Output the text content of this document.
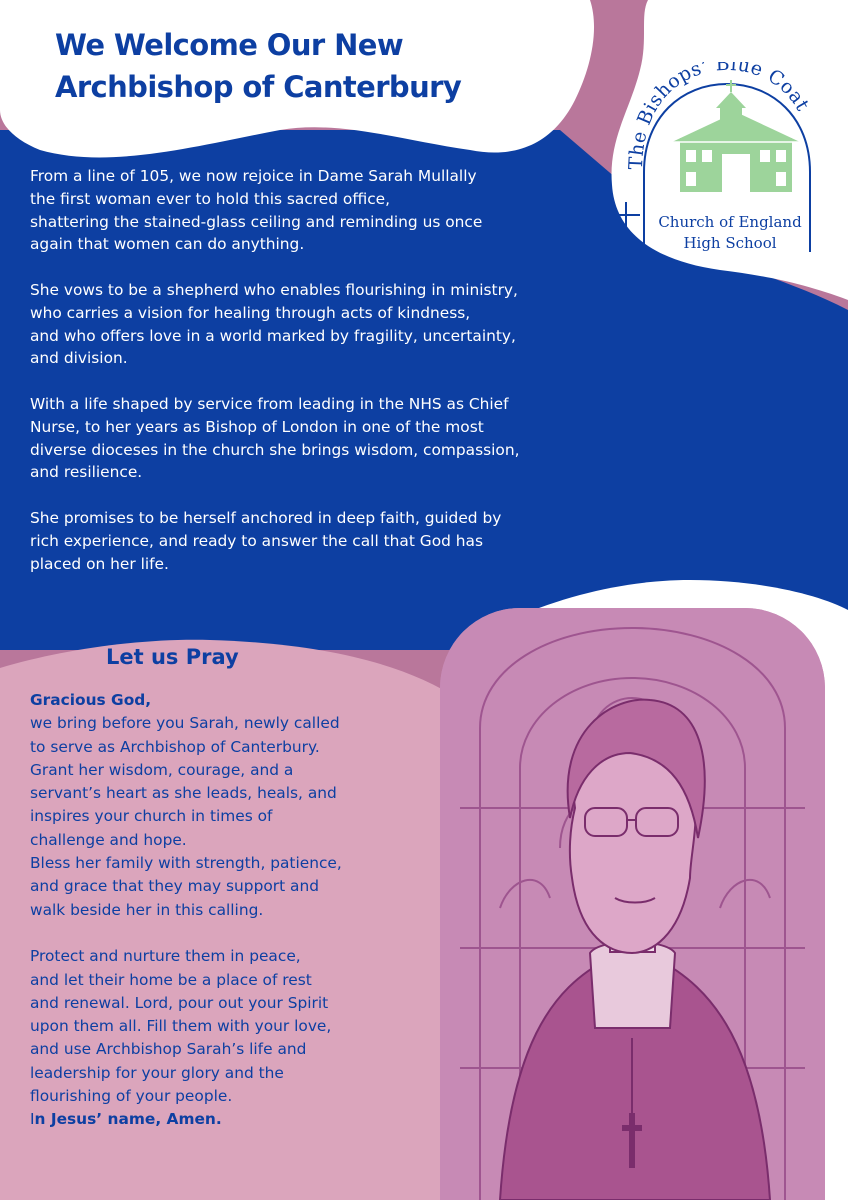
We Welcome Our New
Archbishop of Canterbury
The Bishops’ Blue Coat
Church of England
High School

From a line of 105, we now rejoice in Dame Sarah Mullally
the first woman ever to hold this sacred office,
shattering the stained-glass ceiling and reminding us once
again that women can do anything.

She vows to be a shepherd who enables flourishing in ministry,
who carries a vision for healing through acts of kindness,
and who offers love in a world marked by fragility, uncertainty,
and division.

With a life shaped by service from leading in the NHS as Chief
Nurse, to her years as Bishop of London in one of the most
diverse dioceses in the church she brings wisdom, compassion,
and resilience.

She promises to be herself anchored in deep faith, guided by
rich experience, and ready to answer the call that God has
placed on her life.

Let us Pray

Gracious God,
we bring before you Sarah, newly called
to serve as Archbishop of Canterbury.
Grant her wisdom, courage, and a
servant’s heart as she leads, heals, and
inspires your church in times of
challenge and hope.
Bless her family with strength, patience,
and grace that they may support and
walk beside her in this calling.

Protect and nurture them in peace,
and let their home be a place of rest
and renewal. Lord, pour out your Spirit
upon them all. Fill them with your love,
and use Archbishop Sarah’s life and
leadership for your glory and the
flourishing of your people.
In Jesus’ name, Amen.
